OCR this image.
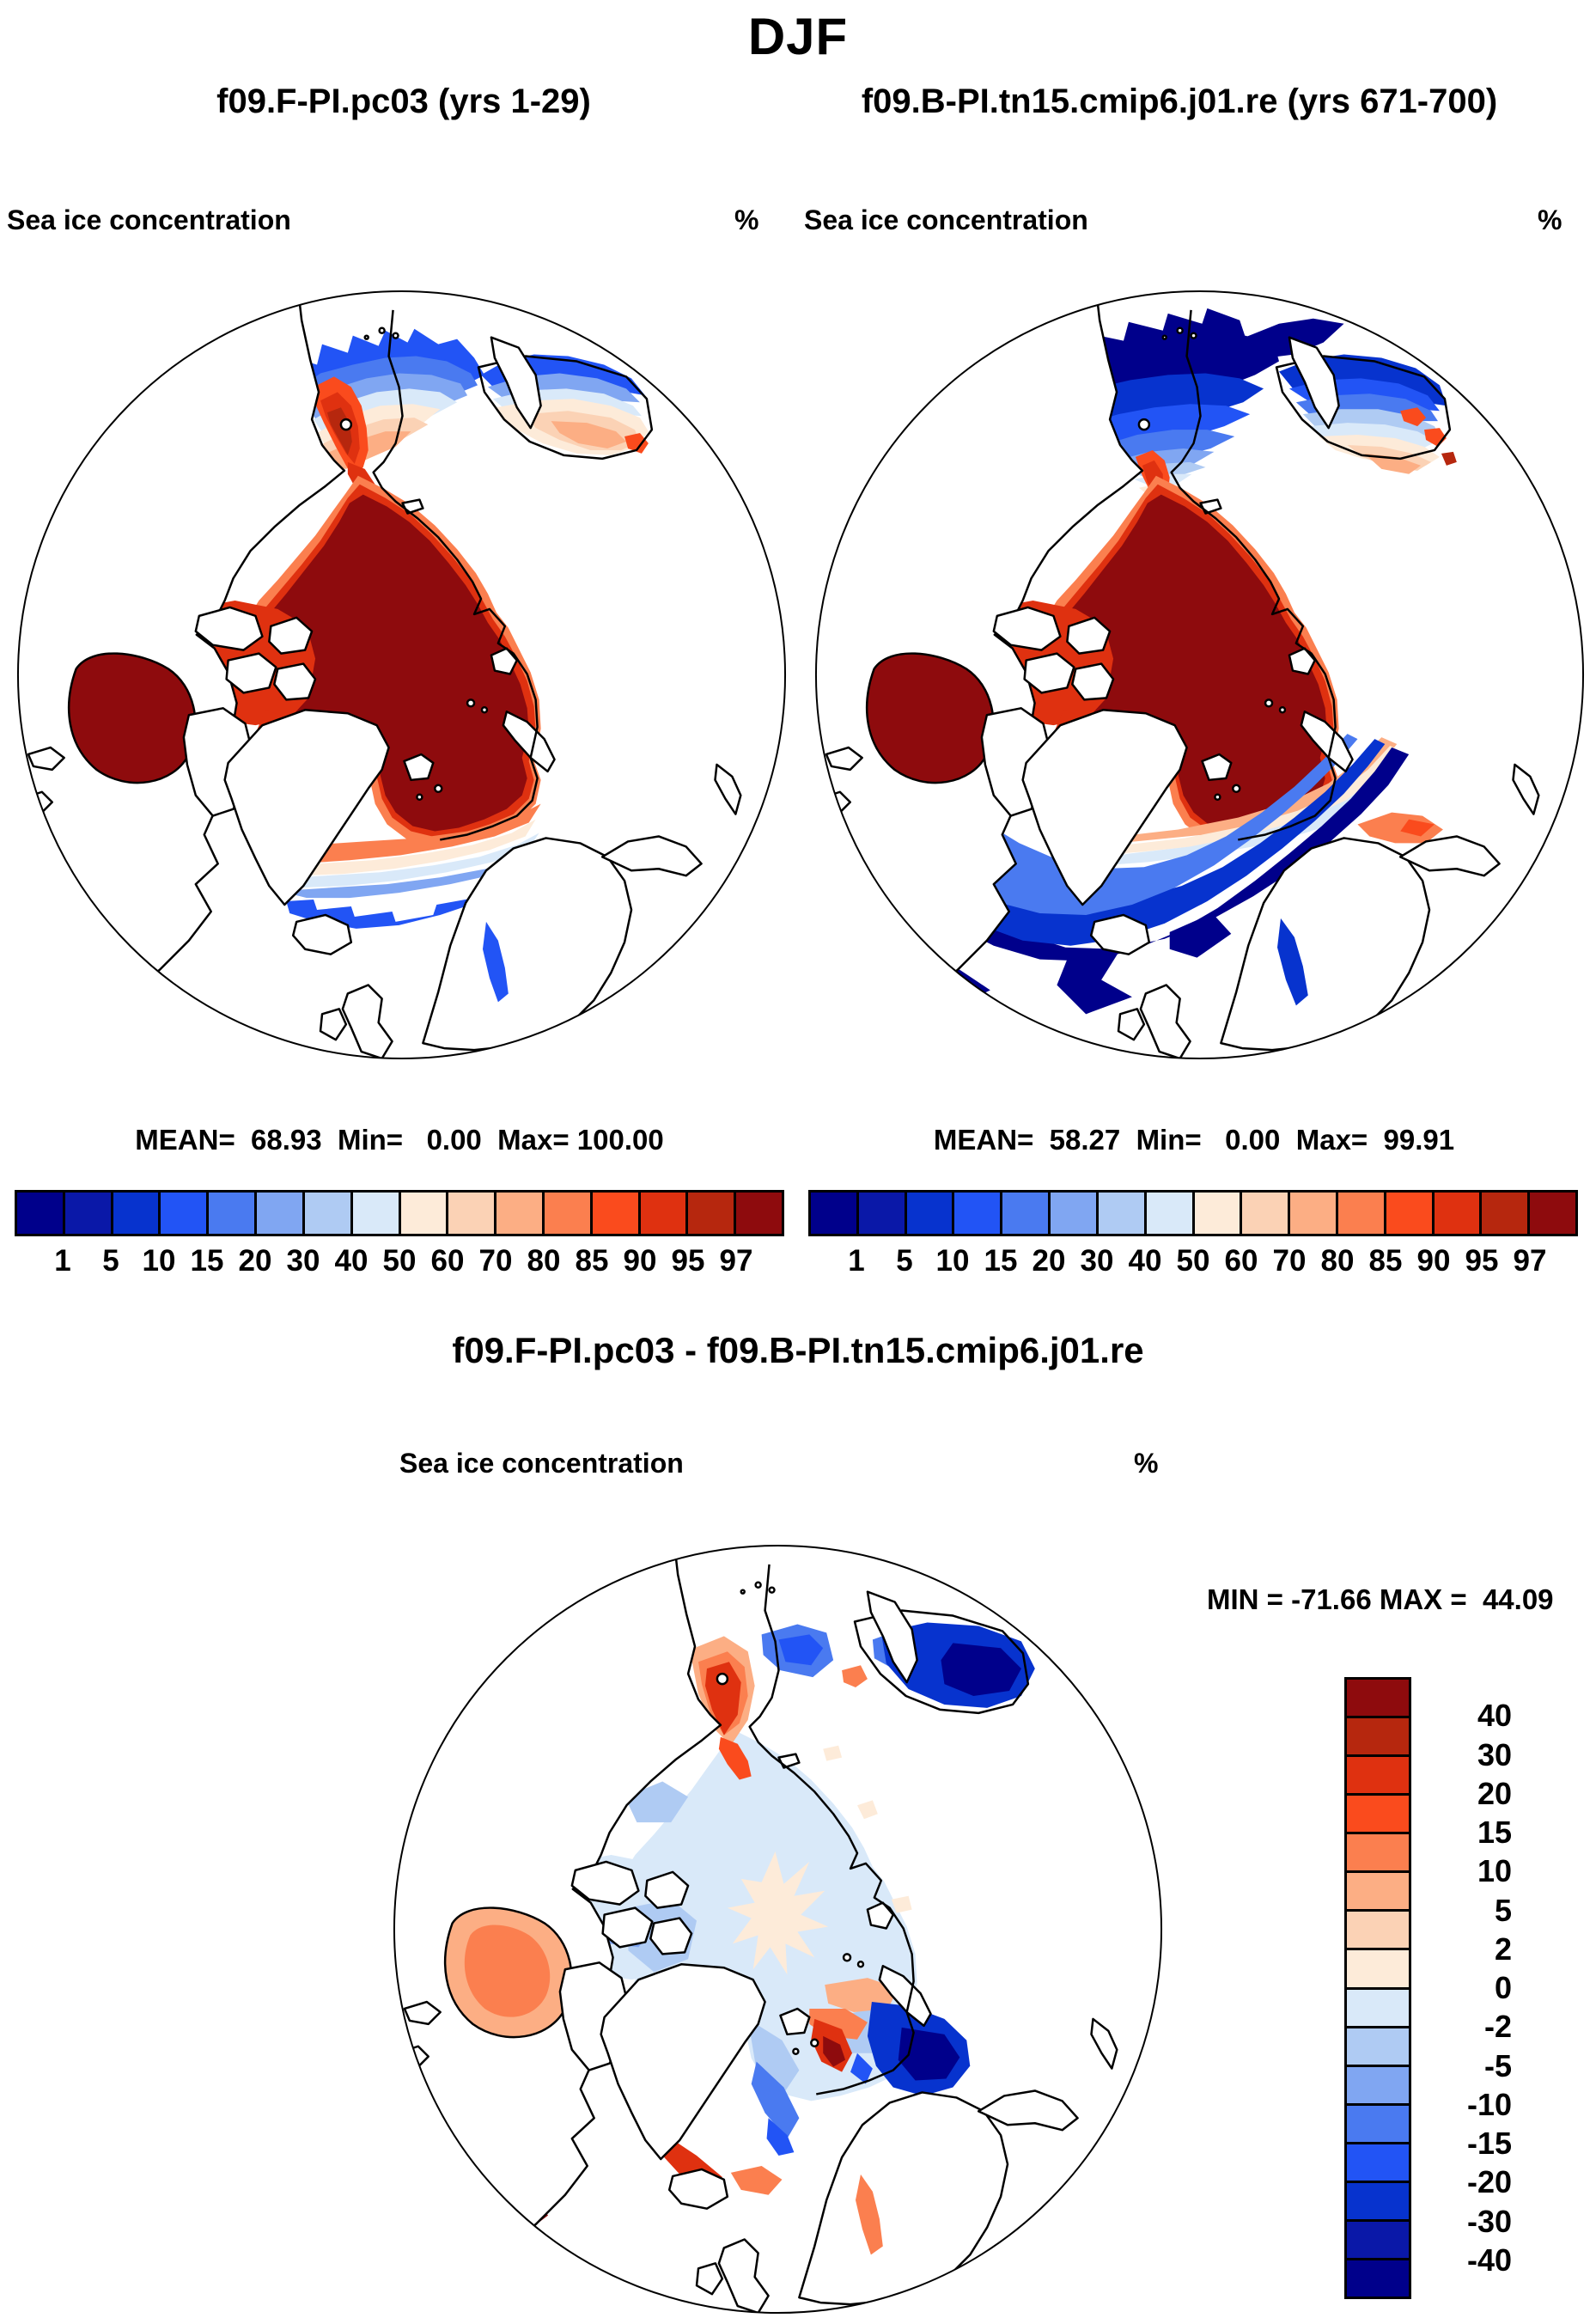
DJF
f09.F-PI.pc03 (yrs 1-29)	f09.B-PI.tn15.cmip6.j01.re (yrs 671-700)
Sea ice concentration	%	Sea ice concentration	%
MEAN=  68.93  Min=   0.00  Max= 100.00	MEAN=  58.27  Min=   0.00  Max=  99.91
1 5 10 15 20 30 40 50 60 70 80 85 90 95 97	1 5 10 15 20 30 40 50 60 70 80 85 90 95 97
f09.F-PI.pc03 - f09.B-PI.tn15.cmip6.j01.re
Sea ice concentration	%
MIN = -71.66 MAX =  44.09
40
30
20
15
10
5
2
0
-2
-5
-10
-15
-20
-30
-40
